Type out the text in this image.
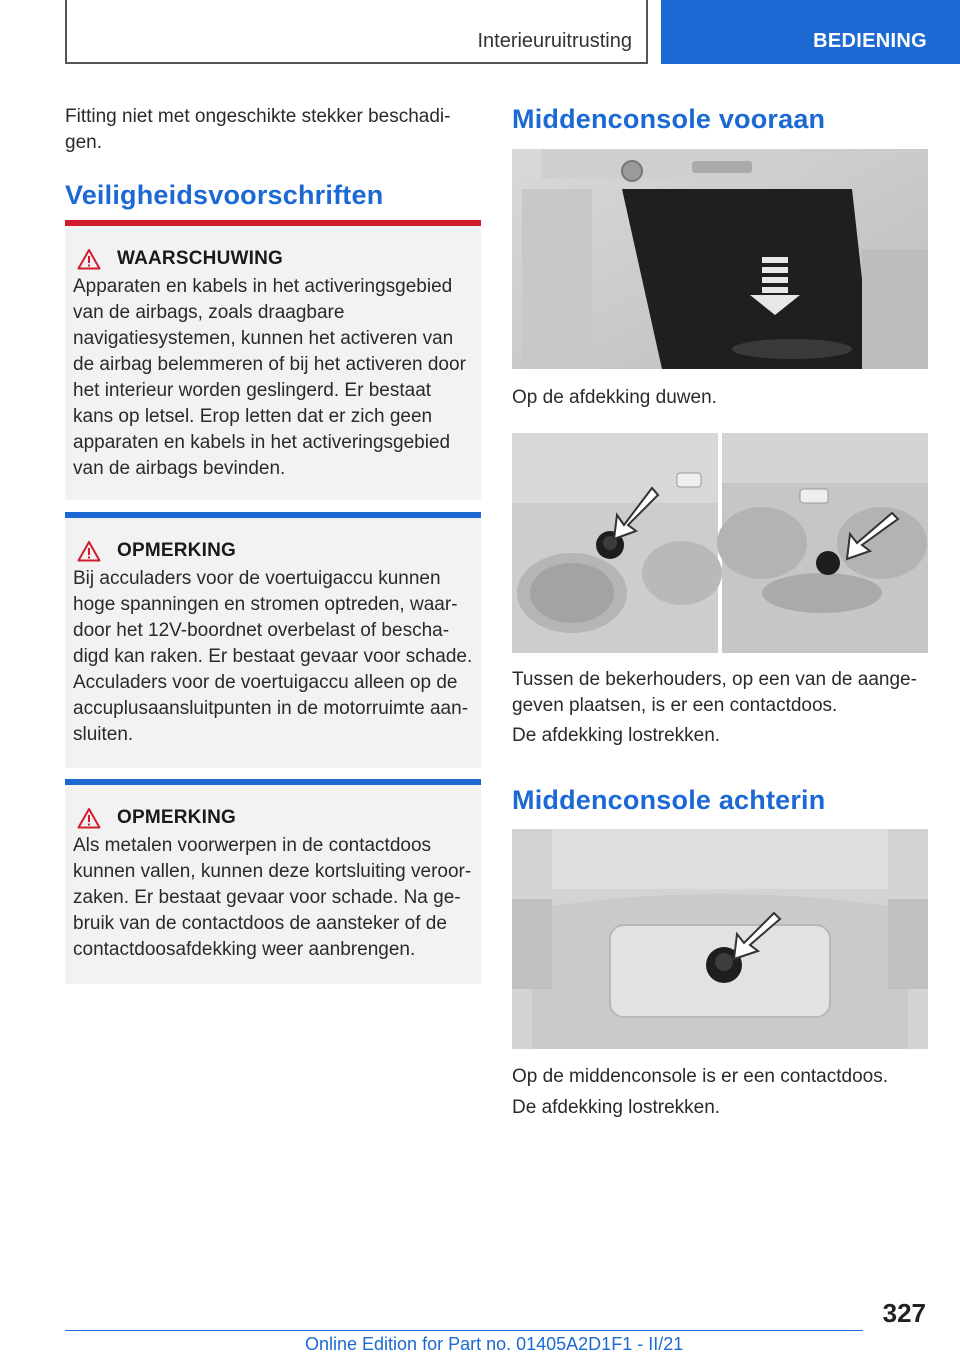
Interieuruitrusting	BEDIENING

Fitting niet met ongeschikte stekker beschadigen.

Veiligheidsvoorschriften
WAARSCHUWING

Apparaten en kabels in het activeringsgebied van de airbags, zoals draagbare navigatiesystemen, kunnen het activeren van de airbag belemmeren of bij het activeren door het interieur worden geslingerd. Er bestaat kans op letsel. Erop letten dat er zich geen apparaten en kabels in het activeringsgebied van de airbags bevinden.

OPMERKING

Bij acculaders voor de voertuigaccu kunnen hoge spanningen en stromen optreden, waardoor het 12V-boordnet overbelast of beschadigd kan raken. Er bestaat gevaar voor schade. Acculaders voor de voertuigaccu alleen op de accuplusaansluitpunten in de motorruimte aansluiten.

OPMERKING

Als metalen voorwerpen in de contactdoos kunnen vallen, kunnen deze kortsluiting veroorzaken. Er bestaat gevaar voor schade. Na gebruik van de contactdoos de aansteker of de contactdoosafdekking weer aanbrengen.

Middenconsole vooraan

Op de afdekking duwen.

Tussen de bekerhouders, op een van de aangegeven plaatsen, is er een contactdoos.

De afdekking lostrekken.

Middenconsole achterin

Op de middenconsole is er een contactdoos.

De afdekking lostrekken.

327
Online Edition for Part no. 01405A2D1F1 - II/21
